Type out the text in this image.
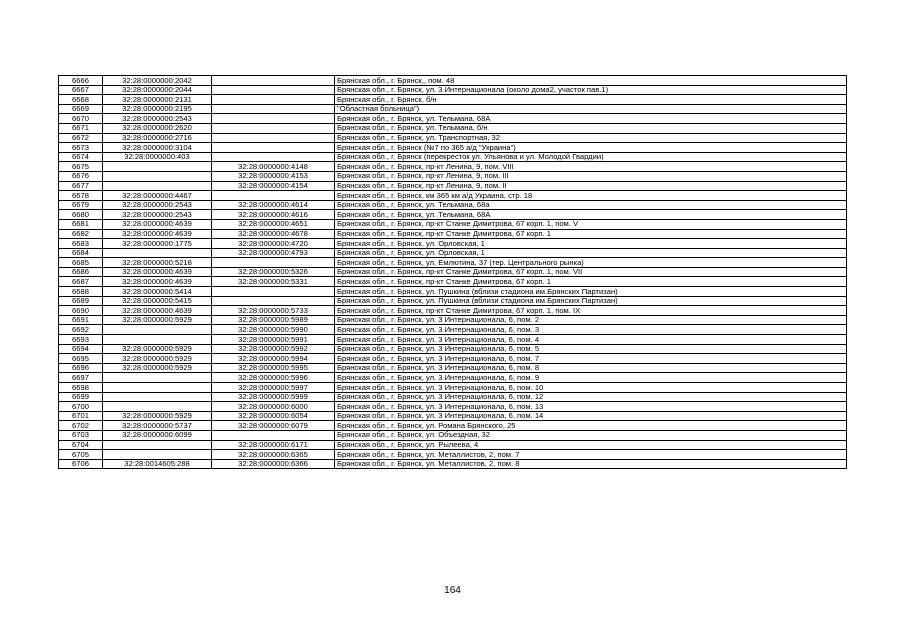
6666	32:28:0000000:2042		Брянская обл., г. Брянск,, пом. 48
6667	32:28:0000000:2044		Брянская обл., г. Брянск, ул. 3 Интернационала (около дома2, участок пав.1)
6668	32:28:0000000:2131		Брянская обл., г. Брянск, б/н
6669	32:28:0000000:2195		"Областная больница")
6670	32:28:0000000:2543		Брянская обл., г. Брянск, ул. Тельмана, 68А
6671	32:28:0000000:2620		Брянская обл., г. Брянск, ул. Тельмана, б/н
6672	32:28:0000000:2716		Брянская обл., г. Брянск, ул. Транспортная, 32
6673	32:28:0000000:3104		Брянская обл., г. Брянск (№7 по 365 а/д "Украина")
6674	32:28:0000000:403		Брянская обл., г. Брянск (перекресток ул. Ульянова и ул. Молодой Гвардии)
6675		32:28:0000000:4148	Брянская обл., г. Брянск, пр-кт Ленина, 9, пом. VIII
6676		32:28:0000000:4153	Брянская обл., г. Брянск, пр-кт Ленина, 9, пом. III
6677		32:28:0000000:4154	Брянская обл., г. Брянск, пр-кт Ленина, 9, пом. II
6678	32:28:0000000:4467		Брянская обл., г. Брянск, км 365 км а/д Украина, стр. 18
6679	32:28:0000000:2543	32:28:0000000:4614	Брянская обл., г. Брянск, ул. Тельмана, 68а
6680	32:28:0000000:2543	32:28:0000000:4616	Брянская обл., г. Брянск, ул. Тельмана, 68А
6681	32:28:0000000:4639	32:28:0000000:4651	Брянская обл., г. Брянск, пр-кт Станке Димитрова, 67 корп. 1, пом. V
6682	32:28:0000000:4639	32:28:0000000:4678	Брянская обл., г. Брянск, пр-кт Станке Димитрова, 67 корп. 1
6683	32:28:0000000:1775	32:28:0000000:4720	Брянская обл., г. Брянск, ул. Орловская, 1
6684		32:28:0000000:4793	Брянская обл., г. Брянск, ул. Орловская, 1
6685	32:28:0000000:5218		Брянская обл., г. Брянск, ул. Емлютина, 37 (тер. Центрального рынка)
6686	32:28:0000000:4639	32:28:0000000:5326	Брянская обл., г. Брянск, пр-кт Станке Димитрова, 67 корп. 1, пом. VII
6687	32:28:0000000:4639	32:28:0000000:5331	Брянская обл., г. Брянск, пр-кт Станке Димитрова, 67 корп. 1
6688	32:28:0000000:5414		Брянская обл., г. Брянск, ул. Пушкина (вблизи стадиона им.Брянских Партизан)
6689	32:28:0000000:5415		Брянская обл., г. Брянск, ул. Пушкина (вблизи стадиона им.Брянских Партизан)
6690	32:28:0000000:4639	32:28:0000000:5733	Брянская обл., г. Брянск, пр-кт Станке Димитрова, 67 корп. 1, пом. IX
6691	32:28:0000000:5929	32:28:0000000:5989	Брянская обл., г. Брянск, ул. 3 Интернационала, 6, пом. 2
6692		32:28:0000000:5990	Брянская обл., г. Брянск, ул. 3 Интернационала, 6, пом. 3
6693		32:28:0000000:5991	Брянская обл., г. Брянск, ул. 3 Интернационала, 6, пом. 4
6694	32:28:0000000:5929	32:28:0000000:5992	Брянская обл., г. Брянск, ул. 3 Интернационала, 6, пом. 5
6695	32:28:0000000:5929	32:28:0000000:5994	Брянская обл., г. Брянск, ул. 3 Интернационала, 6, пом. 7
6696	32:28:0000000:5929	32:28:0000000:5995	Брянская обл., г. Брянск, ул. 3 Интернационала, 6, пом. 8
6697		32:28:0000000:5996	Брянская обл., г. Брянск, ул. 3 Интернационала, 6, пом. 9
6698		32:28:0000000:5997	Брянская обл., г. Брянск, ул. 3 Интернационала, 6, пом. 10
6699		32:28:0000000:5999	Брянская обл., г. Брянск, ул. 3 Интернационала, 6, пом. 12
6700		32:28:0000000:6000	Брянская обл., г. Брянск, ул. 3 Интернационала, 6, пом. 13
6701	32:28:0000000:5929	32:28:0000000:6054	Брянская обл., г. Брянск, ул. 3 Интернационала, 6, пом. 14
6702	32:28:0000000:5737	32:28:0000000:6079	Брянская обл., г. Брянск, ул. Романа Брянского, 25
6703	32:28:0000000:6099		Брянская обл., г. Брянск, ул. Объездная, 32
6704		32:28:0000000:6171	Брянская обл., г. Брянск, ул. Рылеева, 4
6705		32:28:0000000:6365	Брянская обл., г. Брянск, ул. Металлистов, 2, пом. 7
6706	32:28:0014605:288	32:28:0000000:6366	Брянская обл., г. Брянск, ул. Металлистов, 2, пом. 8
164
